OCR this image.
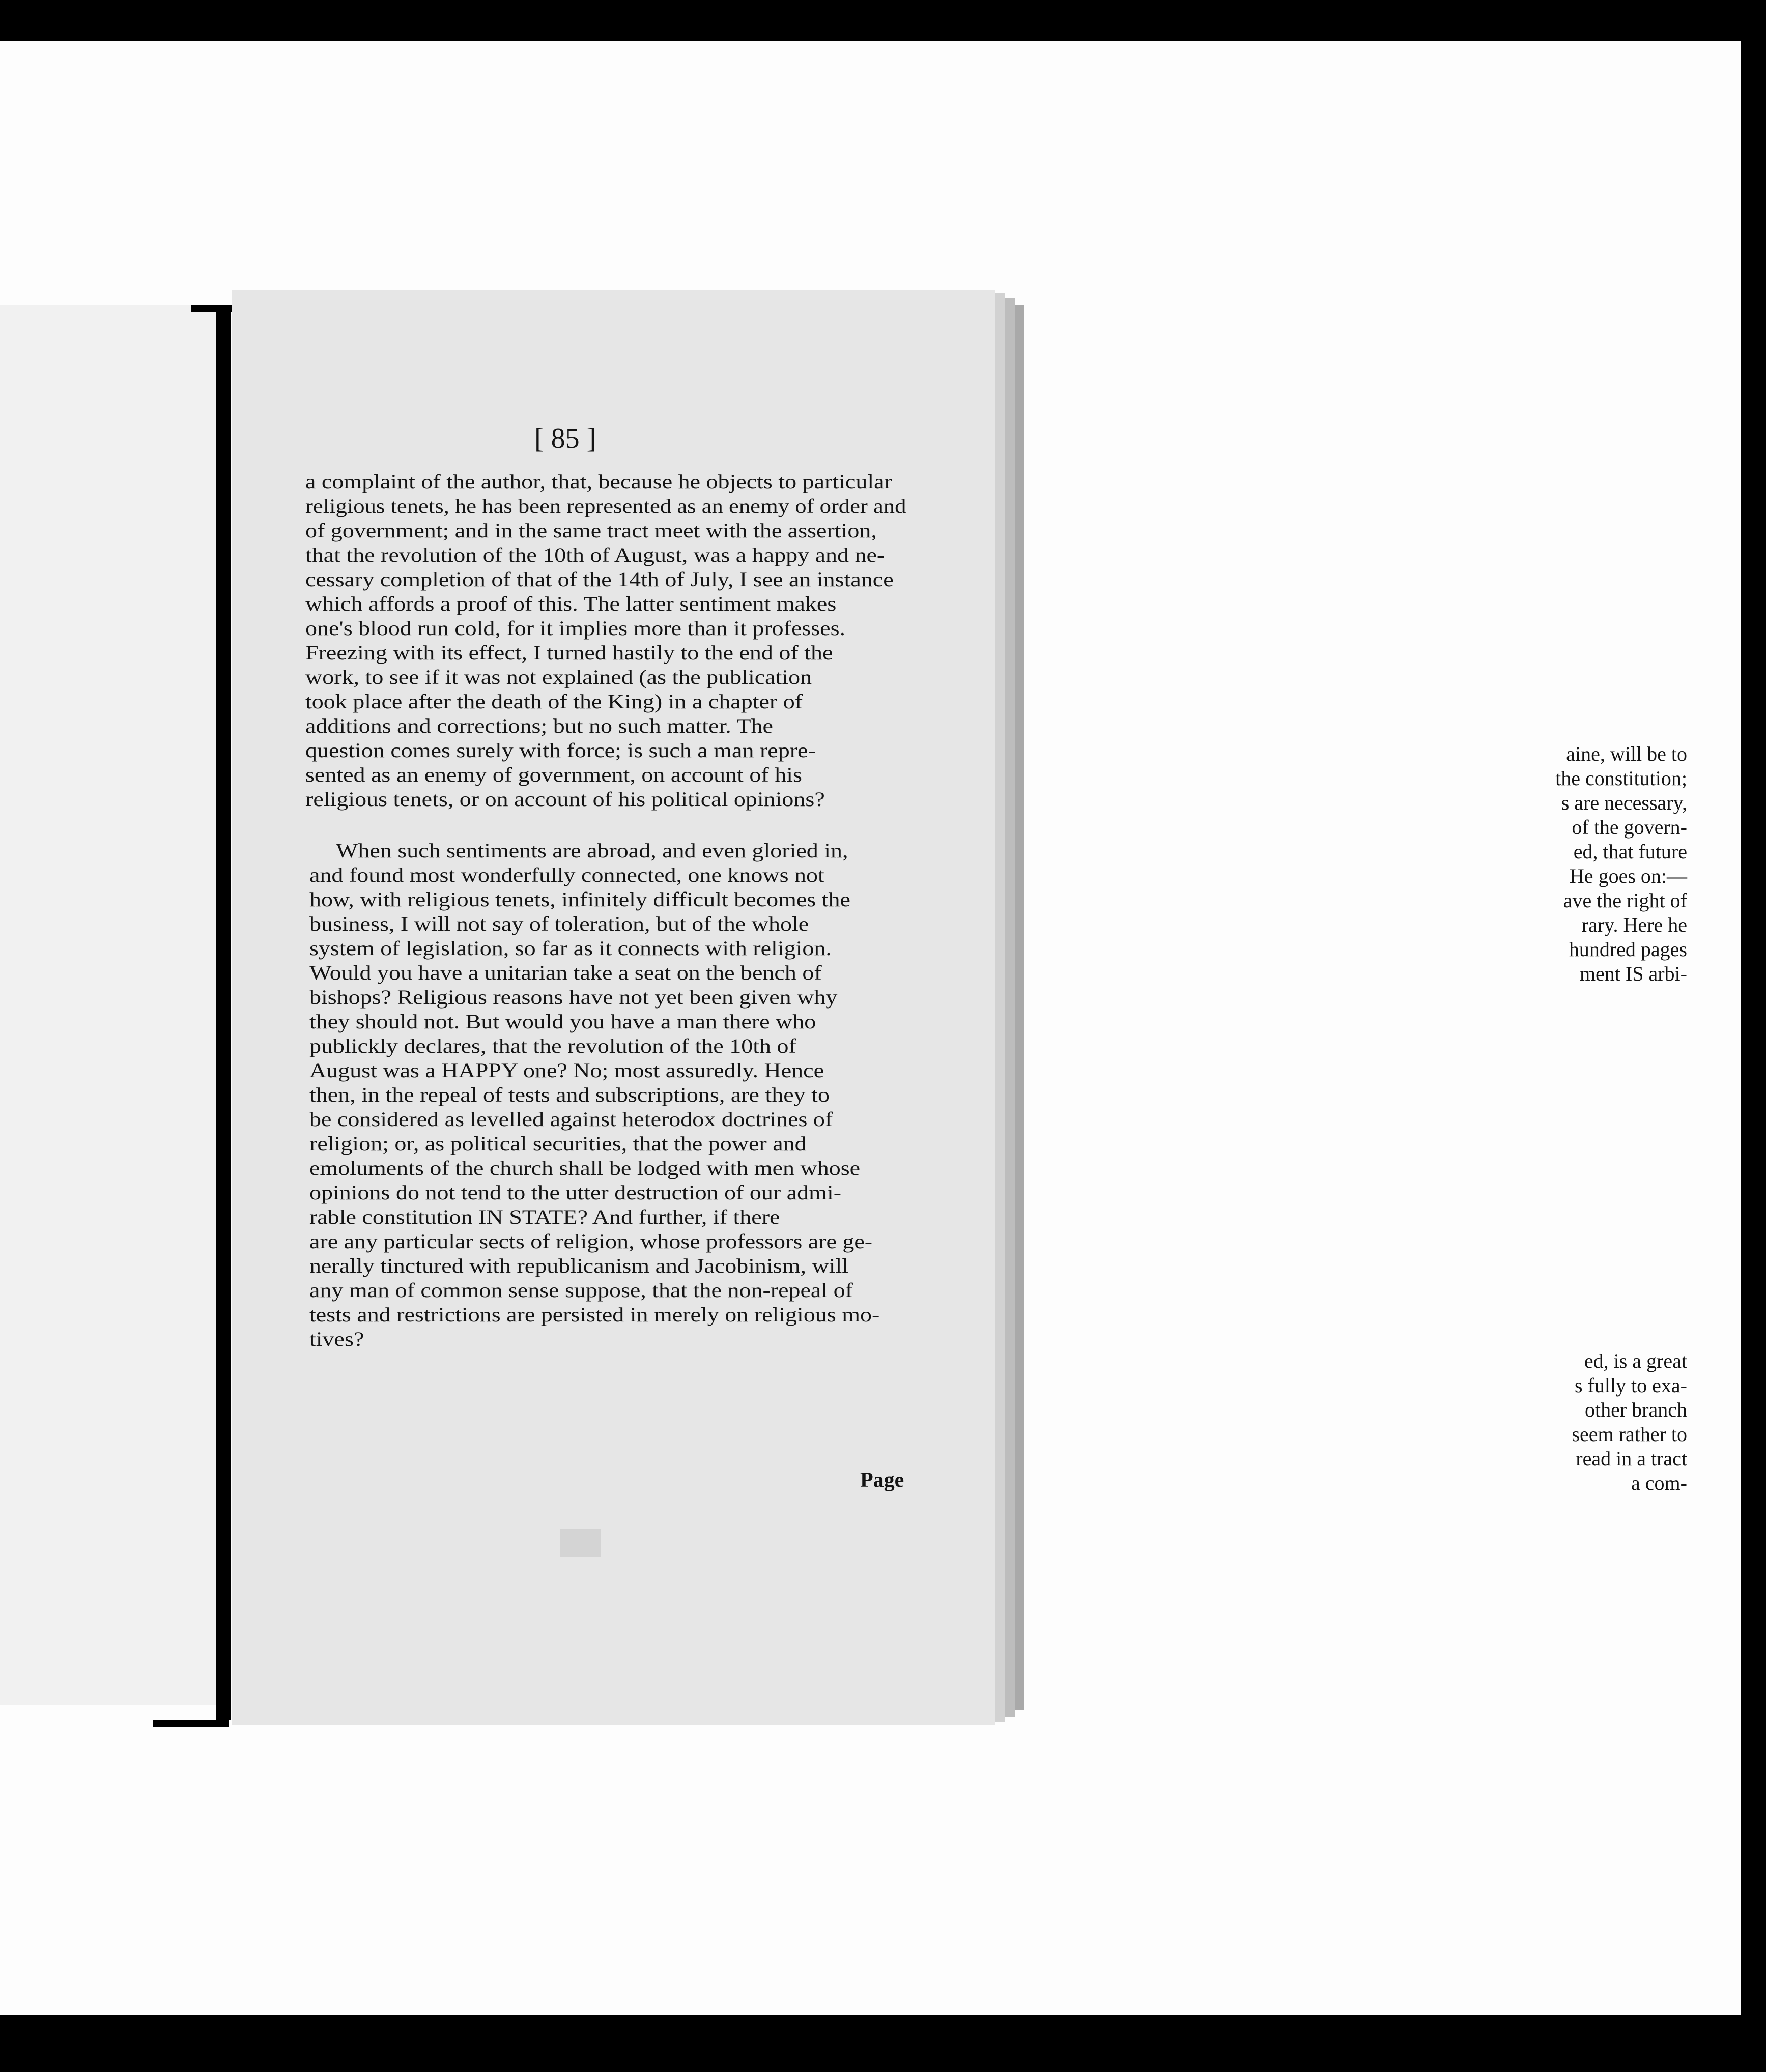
aine, will be to
the constitution;
s are necessary,
of the govern-
ed, that future
He goes on:—
ave the right of
rary. Here he
hundred pages
ment IS arbi-
ed, is a great
s fully to exa-
other branch
seem rather to
read in a tract
a com-
[ 85 ]
a complaint of the author, that, because he objects to particular
religious tenets, he has been represented as an enemy of order and
of government; and in the same tract meet with the assertion,
that the revolution of the 10th of August, was a happy and ne-
cessary completion of that of the 14th of July, I see an instance
which affords a proof of this. The latter sentiment makes
one's blood run cold, for it implies more than it professes.
Freezing with its effect, I turned hastily to the end of the
work, to see if it was not explained (as the publication
took place after the death of the King) in a chapter of
additions and corrections; but no such matter. The
question comes surely with force; is such a man repre-
sented as an enemy of government, on account of his
religious tenets, or on account of his political opinions?
When such sentiments are abroad, and even gloried in,
and found most wonderfully connected, one knows not
how, with religious tenets, infinitely difficult becomes the
business, I will not say of toleration, but of the whole
system of legislation, so far as it connects with religion.
Would you have a unitarian take a seat on the bench of
bishops? Religious reasons have not yet been given why
they should not. But would you have a man there who
publickly declares, that the revolution of the 10th of
August was a HAPPY one? No; most assuredly. Hence
then, in the repeal of tests and subscriptions, are they to
be considered as levelled against heterodox doctrines of
religion; or, as political securities, that the power and
emoluments of the church shall be lodged with men whose
opinions do not tend to the utter destruction of our admi-
rable constitution IN STATE? And further, if there
are any particular sects of religion, whose professors are ge-
nerally tinctured with republicanism and Jacobinism, will
any man of common sense suppose, that the non-repeal of
tests and restrictions are persisted in merely on religious mo-
tives?
Page
